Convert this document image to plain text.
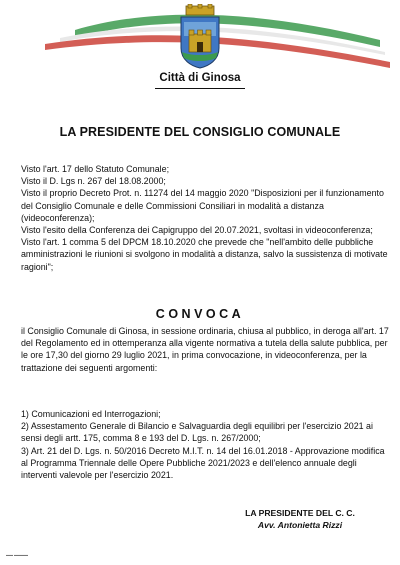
Città di Ginosa
LA PRESIDENTE DEL CONSIGLIO COMUNALE

Visto l'art. 17 dello Statuto Comunale;

Visto il D. Lgs n. 267 del 18.08.2000;

Visto il proprio Decreto Prot. n. 11274 del 14 maggio 2020 "Disposizioni per il funzionamento del Consiglio Comunale e delle Commissioni Consiliari in modalità a distanza (videoconferenza);

Visto l'esito della Conferenza dei Capigruppo del 20.07.2021, svoltasi in videoconferenza;

Visto l'art. 1 comma 5 del DPCM 18.10.2020 che prevede che "nell'ambito delle pubbliche amministrazioni le riunioni si svolgono in modalità a distanza, salvo la sussistenza di motivate ragioni";

CONVOCA

il Consiglio Comunale di Ginosa, in sessione ordinaria, chiusa al pubblico, in deroga all'art. 17 del Regolamento ed in ottemperanza alla vigente normativa a tutela della salute pubblica, per le ore 17,30 del giorno 29 luglio 2021, in prima convocazione, in videoconferenza, per la trattazione dei seguenti argomenti:

1) Comunicazioni ed Interrogazioni;

2) Assestamento Generale di Bilancio e Salvaguardia degli equilibri per l'esercizio 2021 ai sensi degli artt. 175, comma 8 e 193 del D. Lgs. n. 267/2000;

3) Art. 21 del D. Lgs. n. 50/2016 Decreto M.I.T. n. 14 del 16.01.2018 - Approvazione modifica al Programma Triennale delle Opere Pubbliche 2021/2023 e dell'elenco annuale degli interventi valevole per l'esercizio 2021.

LA PRESIDENTE DEL C. C.
Avv. Antonietta Rizzi
▬▬ ▬▬▬▬
